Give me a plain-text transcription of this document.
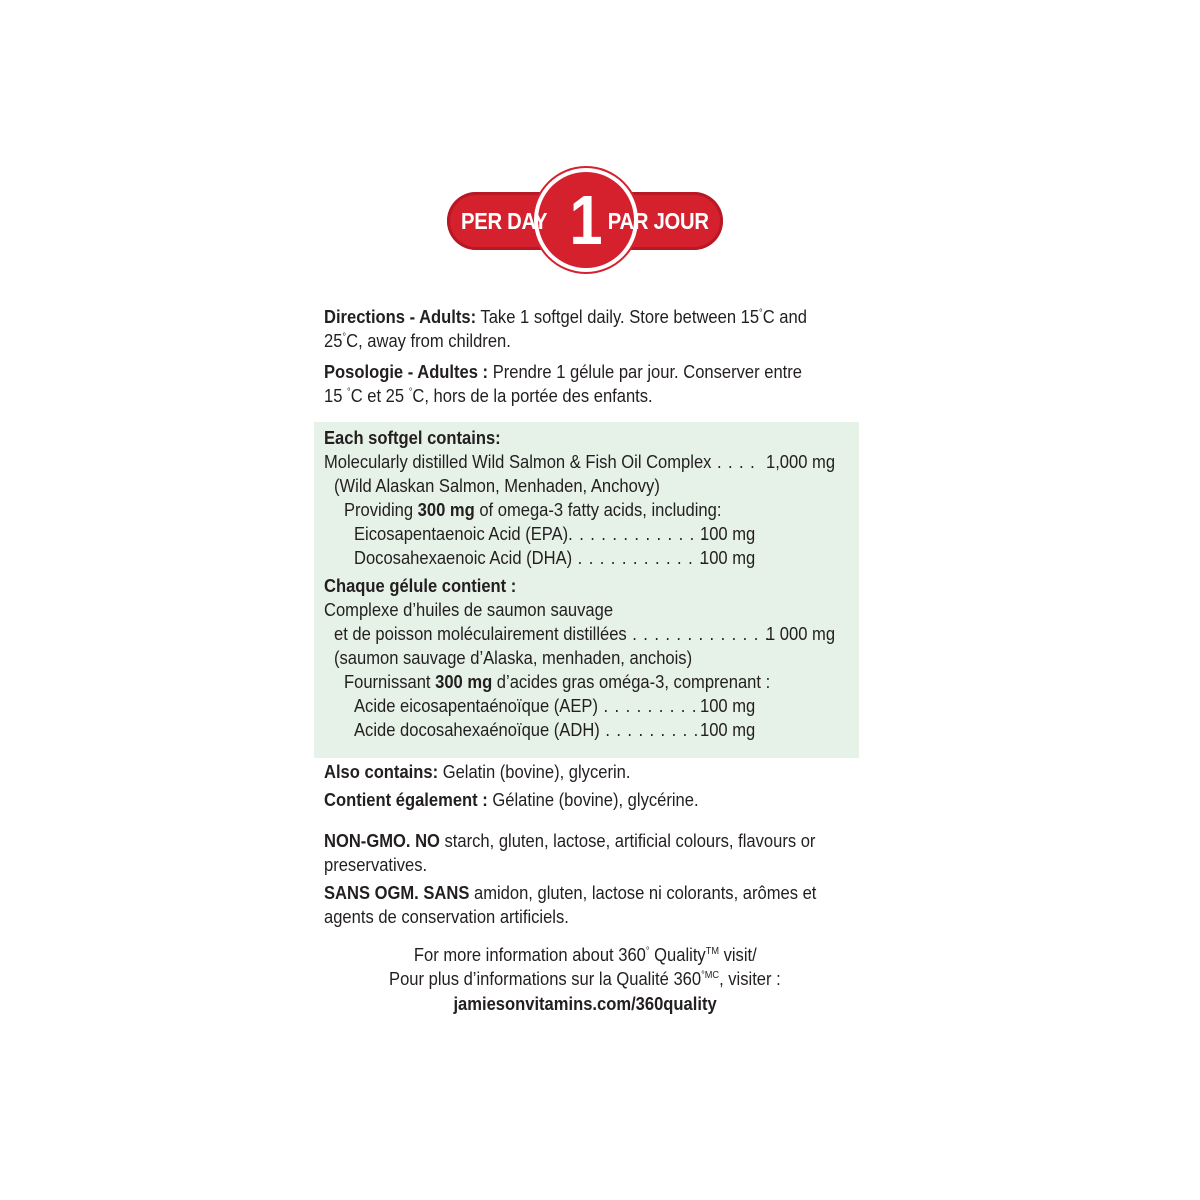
PER DAY 1 PAR JOUR
Directions - Adults: Take 1 softgel daily. Store between 15°C and
25°C, away from children.
Posologie - Adultes : Prendre 1 gélule par jour. Conserver entre
15 °C et 25 °C, hors de la portée des enfants.
Each softgel contains:
Molecularly distilled Wild Salmon & Fish Oil Complex . . . . 1,000 mg
(Wild Alaskan Salmon, Menhaden, Anchovy)
Providing 300 mg of omega-3 fatty acids, including:
Eicosapentaenoic Acid (EPA). . . . . . . . . . . . .
100 mg
Docosahexaenoic Acid (DHA) . . . . . . . . . . . .
100 mg
Chaque gélule contient :
Complexe d’huiles de saumon sauvage
et de poisson moléculairement distillées . . . . . . . . . . . . .
1 000 mg
(saumon sauvage d’Alaska, menhaden, anchois)
Fournissant 300 mg d’acides gras oméga-3, comprenant :
Acide eicosapentaénoïque (AEP) . . . . . . . . . 100 mg
Acide docosahexaénoïque (ADH) . . . . . . . . . 100 mg
Also contains: Gelatin (bovine), glycerin.
Contient également : Gélatine (bovine), glycérine.
NON-GMO. NO starch, gluten, lactose, artificial colours, flavours or
preservatives.
SANS OGM. SANS amidon, gluten, lactose ni colorants, arômes et
agents de conservation artificiels.
For more information about 360° Quality™ visit/
Pour plus d’informations sur la Qualité $360^{^\circ MC}$, visiter :
jamiesonvitamins.com/360quality
